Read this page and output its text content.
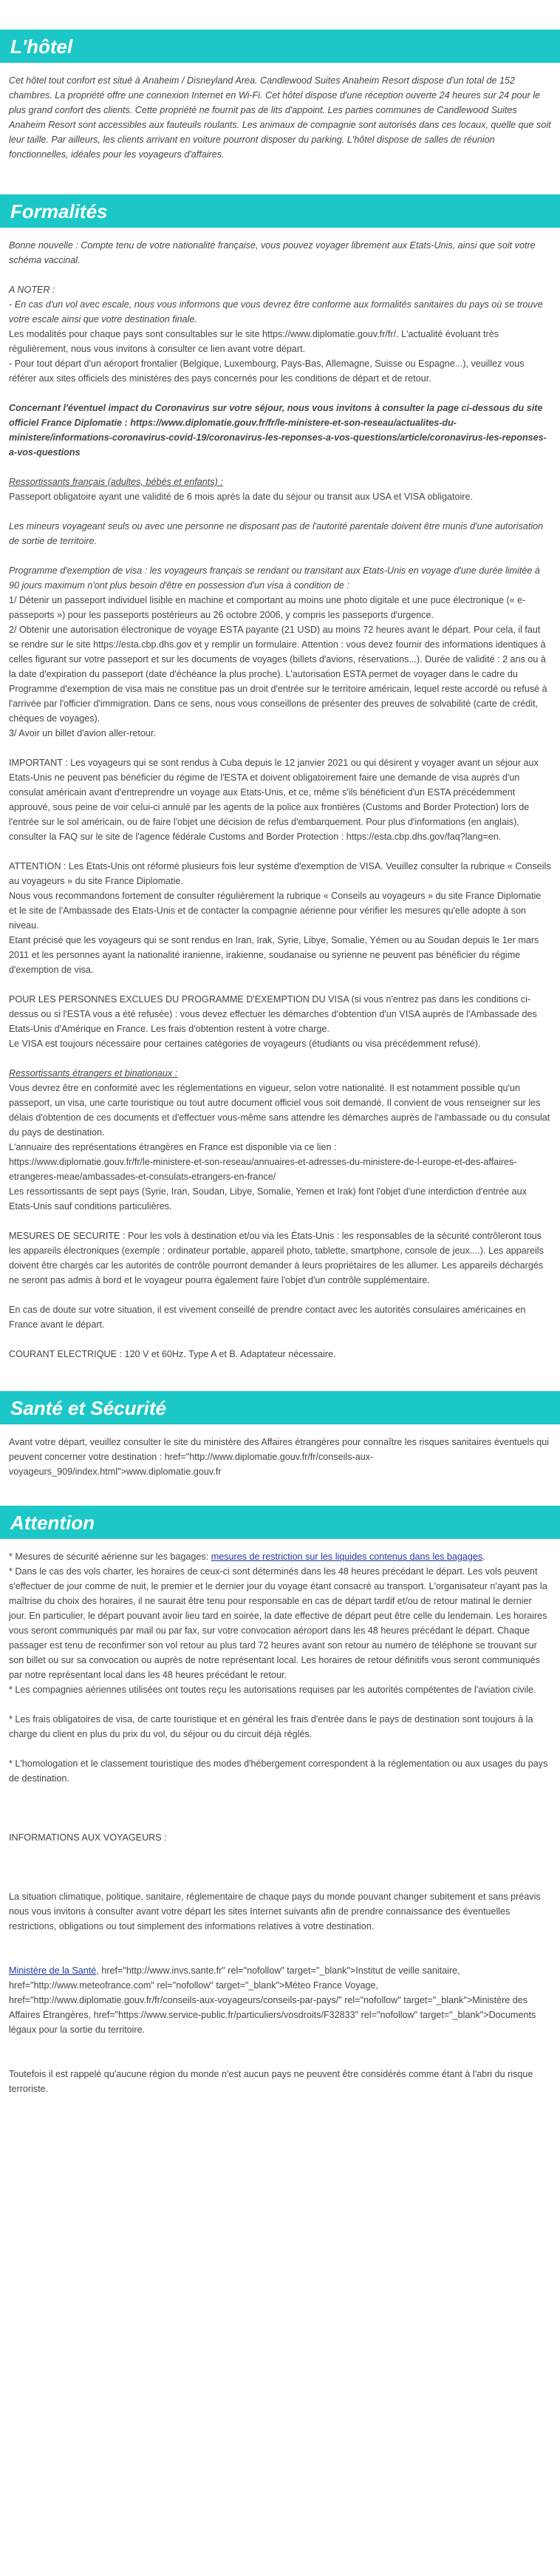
L'hôtel

Cet hôtel tout confort est situé à Anaheim / Disneyland Area. Candlewood Suites Anaheim Resort dispose d'un total de 152 chambres. La propriété offre une connexion Internet en Wi-Fi. Cet hôtel dispose d'une réception ouverte 24 heures sur 24 pour le plus grand confort des clients. Cette propriété ne fournit pas de lits d'appoint. Les parties communes de Candlewood Suites Anaheim Resort sont accessibles aux fauteuils roulants. Les animaux de compagnie sont autorisés dans ces locaux, quelle que soit leur taille. Par ailleurs, les clients arrivant en voiture pourront disposer du parking. L'hôtel dispose de salles de réunion fonctionnelles, idéales pour les voyageurs d'affaires.

Formalités

Bonne nouvelle : Compte tenu de votre nationalité française, vous pouvez voyager librement aux Etats-Unis, ainsi que soit votre schéma vaccinal.

A NOTER :

- En cas d'un vol avec escale, nous vous informons que vous devrez être conforme aux formalités sanitaires du pays où se trouve votre escale ainsi que votre destination finale.

Les modalités pour chaque pays sont consultables sur le site https://www.diplomatie.gouv.fr/fr/. L'actualité évoluant très régulièrement, nous vous invitons à consulter ce lien avant votre départ.

- Pour tout départ d'un aéroport frontalier (Belgique, Luxembourg, Pays-Bas, Allemagne, Suisse ou Espagne...), veuillez vous référer aux sites officiels des ministères des pays concernés pour les conditions de départ et de retour.

Concernant l'éventuel impact du Coronavirus sur votre séjour, nous vous invitons à consulter la page ci-dessous du site officiel France Diplomatie : https://www.diplomatie.gouv.fr/fr/le-ministere-et-son-reseau/actualites-du-ministere/informations-coronavirus-covid-19/coronavirus-les-reponses-a-vos-questions/article/coronavirus-les-reponses-a-vos-questions

Ressortissants français (adultes, bébés et enfants) :

Passeport obligatoire ayant une validité de 6 mois après la date du séjour ou transit aux USA et VISA obligatoire.

Les mineurs voyageant seuls ou avec une personne ne disposant pas de l'autorité parentale doivent être munis d'une autorisation de sortie de territoire.

Programme d'exemption de visa : les voyageurs français se rendant ou transitant aux Etats-Unis en voyage d'une durée limitée à 90 jours maximum n'ont plus besoin d'être en possession d'un visa à condition de :

1/ Détenir un passeport individuel lisible en machine et comportant au moins une photo digitale et une puce électronique (« e-passeports ») pour les passeports postérieurs au 26 octobre 2006, y compris les passeports d'urgence.

2/ Obtenir une autorisation électronique de voyage ESTA payante (21 USD) au moins 72 heures avant le départ. Pour cela, il faut se rendre sur le site https://esta.cbp.dhs.gov et y remplir un formulaire. Attention : vous devez fournir des informations identiques à celles figurant sur votre passeport et sur les documents de voyages (billets d'avions, réservations...). Durée de validité : 2 ans ou à la date d'expiration du passeport (date d'échéance la plus proche). L'autorisation ESTA permet de voyager dans le cadre du Programme d'exemption de visa mais ne constitue pas un droit d'entrée sur le territoire américain, lequel reste accordé ou refusé à l'arrivée par l'officier d'immigration. Dans ce sens, nous vous conseillons de présenter des preuves de solvabilité (carte de crédit, chèques de voyages).

3/ Avoir un billet d'avion aller-retour.

IMPORTANT : Les voyageurs qui se sont rendus à Cuba depuis le 12 janvier 2021 ou qui désirent y voyager avant un séjour aux Etats-Unis ne peuvent pas bénéficier du régime de l'ESTA et doivent obligatoirement faire une demande de visa auprès d'un consulat américain avant d'entreprendre un voyage aux Etats-Unis, et ce, même s'ils bénéficient d'un ESTA précédemment approuvé, sous peine de voir celui-ci annulé par les agents de la police aux frontières (Customs and Border Protection) lors de l'entrée sur le sol américain, ou de faire l'objet une décision de refus d'embarquement. Pour plus d'informations (en anglais), consulter la FAQ sur le site de l'agence fédérale Customs and Border Protection : https://esta.cbp.dhs.gov/faq?lang=en.

ATTENTION : Les Etats-Unis ont réformé plusieurs fois leur système d'exemption de VISA. Veuillez consulter la rubrique « Conseils au voyageurs » du site France Diplomatie.

Nous vous recommandons fortement de consulter régulièrement la rubrique « Conseils au voyageurs » du site France Diplomatie et le site de l'Ambassade des Etats-Unis et de contacter la compagnie aérienne pour vérifier les mesures qu'elle adopte à son niveau.

Etant précisé que les voyageurs qui se sont rendus en Iran, Irak, Syrie, Libye, Somalie, Yémen ou au Soudan depuis le 1er mars 2011 et les personnes ayant la nationalité iranienne, irakienne, soudanaise ou syrienne ne peuvent pas bénéficier du régime d'exemption de visa.

POUR LES PERSONNES EXCLUES DU PROGRAMME D'EXEMPTION DU VISA (si vous n'entrez pas dans les conditions ci-dessus ou si l'ESTA vous a été refusée) : vous devez effectuer les démarches d'obtention d'un VISA auprès de l'Ambassade des Etats-Unis d'Amérique en France. Les frais d'obtention restent à votre charge.

Le VISA est toujours nécessaire pour certaines catégories de voyageurs (étudiants ou visa précédemment refusé).

Ressortissants étrangers et binationaux :

Vous devrez être en conformité avec les réglementations en vigueur, selon votre nationalité. Il est notamment possible qu'un passeport, un visa, une carte touristique ou tout autre document officiel vous soit demandé. Il convient de vous renseigner sur les délais d'obtention de ces documents et d'effectuer vous-même sans attendre les démarches auprès de l'ambassade ou du consulat du pays de destination.

L'annuaire des représentations étrangères en France est disponible via ce lien :

https://www.diplomatie.gouv.fr/fr/le-ministere-et-son-reseau/annuaires-et-adresses-du-ministere-de-l-europe-et-des-affaires-etrangeres-meae/ambassades-et-consulats-etrangers-en-france/

Les ressortissants de sept pays (Syrie, Iran, Soudan, Libye, Somalie, Yemen et Irak) font l'objet d'une interdiction d'entrée aux Etats-Unis sauf conditions particulières.

MESURES DE SECURITE : Pour les vols à destination et/ou via les États-Unis : les responsables de la sécurité contrôleront tous les appareils électroniques (exemple : ordinateur portable, appareil photo, tablette, smartphone, console de jeux....). Les appareils doivent être chargés car les autorités de contrôle pourront demander à leurs propriétaires de les allumer. Les appareils déchargés ne seront pas admis à bord et le voyageur pourra également faire l'objet d'un contrôle supplémentaire.

En cas de doute sur votre situation, il est vivement conseillé de prendre contact avec les autorités consulaires américaines en France avant le départ.

COURANT ELECTRIQUE : 120 V et 60Hz. Type A et B. Adaptateur nécessaire.

Santé et Sécurité

Avant votre départ, veuillez consulter le site du ministère des Affaires étrangères pour connaître les risques sanitaires éventuels qui peuvent concerner votre destination : href="http://www.diplomatie.gouv.fr/fr/conseils-aux-voyageurs_909/index.html">www.diplomatie.gouv.fr

Attention

* Mesures de sécurité aérienne sur les bagages: mesures de restriction sur les liquides contenus dans les bagages.

* Dans le cas des vols charter, les horaires de ceux-ci sont déterminés dans les 48 heures précédant le départ. Les vols peuvent s'effectuer de jour comme de nuit, le premier et le dernier jour du voyage étant consacré au transport. L'organisateur n'ayant pas la maîtrise du choix des horaires, il ne saurait être tenu pour responsable en cas de départ tardif et/ou de retour matinal le dernier jour. En particulier, le départ pouvant avoir lieu tard en soirée, la date effective de départ peut être celle du lendemain. Les horaires vous seront communiqués par mail ou par fax, sur votre convocation aéroport dans les 48 heures précédant le départ. Chaque passager est tenu de reconfirmer son vol retour au plus tard 72 heures avant son retour au numéro de téléphone se trouvant sur son billet ou sur sa convocation ou auprès de notre représentant local. Les horaires de retour définitifs vous seront communiqués par notre représentant local dans les 48 heures précédant le retour.

* Les compagnies aériennes utilisées ont toutes reçu les autorisations requises par les autorités compétentes de l'aviation civile.

* Les frais obligatoires de visa, de carte touristique et en général les frais d'entrée dans le pays de destination sont toujours à la charge du client en plus du prix du vol, du séjour ou du circuit déjà réglés.

* L'homologation et le classement touristique des modes d'hébergement correspondent à la réglementation ou aux usages du pays de destination.

INFORMATIONS AUX VOYAGEURS :

La situation climatique, politique, sanitaire, réglementaire de chaque pays du monde pouvant changer subitement et sans préavis

nous vous invitons à consulter avant votre départ les sites Internet suivants afin de prendre connaissance des éventuelles restrictions, obligations ou tout simplement des informations relatives à votre destination.

Ministère de la Santé, href="http://www.invs.sante.fr" rel="nofollow" target="_blank">Institut de veille sanitaire, href="http://www.meteofrance.com" rel="nofollow" target="_blank">Méteo France Voyage, href="http://www.diplomatie.gouv.fr/fr/conseils-aux-voyageurs/conseils-par-pays/" rel="nofollow" target="_blank">Ministère des Affaires Étrangères, href="https://www.service-public.fr/particuliers/vosdroits/F32833" rel="nofollow" target="_blank">Documents légaux pour la sortie du territoire.

Toutefois il est rappelé qu'aucune région du monde n'est aucun pays ne peuvent être considérés comme étant à l'abri du risque terroriste.
